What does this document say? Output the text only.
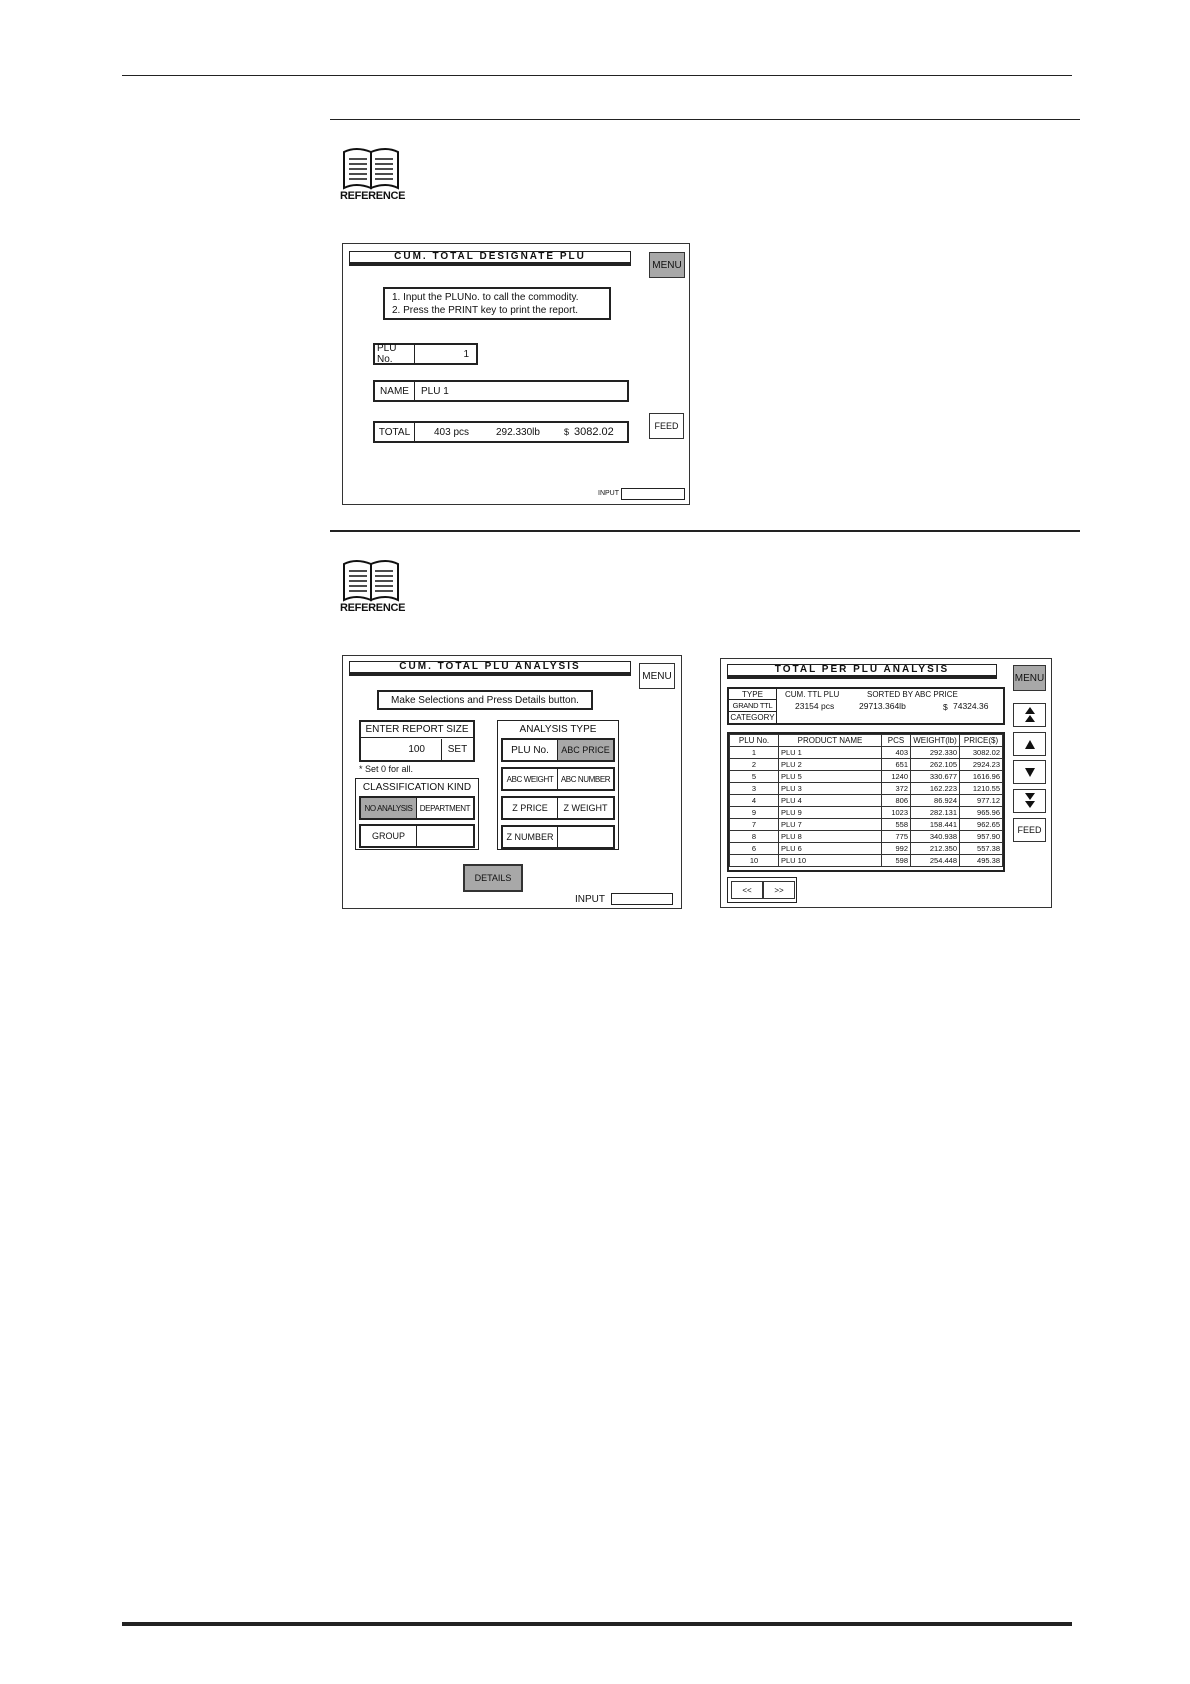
REFERENCE
REFERENCE
CUM. TOTAL DESIGNATE PLU
MENU
1. Input the PLUNo. to call the commodity.
2. Press the PRINT key to print the report.
PLU No.	1
NAME	PLU 1
TOTAL	403 pcs	292.330lb	$ 3082.02	FEED
INPUT
CUM. TOTAL PLU ANALYSIS
MENU
Make Selections and Press Details button.
ENTER REPORT SIZE
100	SET
* Set 0 for all.
CLASSIFICATION KIND
NO ANALYSIS DEPARTMENT
GROUP
ANALYSIS TYPE
PLU No.	ABC PRICE
ABC WEIGHT ABC NUMBER
Z PRICE	Z WEIGHT
Z NUMBER
DETAILS
INPUT
TOTAL PER PLU ANALYSIS
MENU
TYPE	CUM. TTL PLU	SORTED BY ABC PRICE
GRAND TTL	23154 pcs	29713.364lb	$ 74324.36
CATEGORY
PLU No.	PRODUCT NAME	PCS	WEIGHT(lb)	PRICE($)
1	PLU 1	403	292.330	3082.02
2	PLU 2	651	262.105	2924.23
5	PLU 5	1240	330.677	1616.96
3	PLU 3	372	162.223	1210.55
4	PLU 4	806	86.924	977.12
9	PLU 9	1023	282.131	965.96
7	PLU 7	558	158.441	962.65
8	PLU 8	775	340.938	957.90
6	PLU 6	992	212.350	557.38
10	PLU 10	598	254.448	495.38
FEED
<<	>>
